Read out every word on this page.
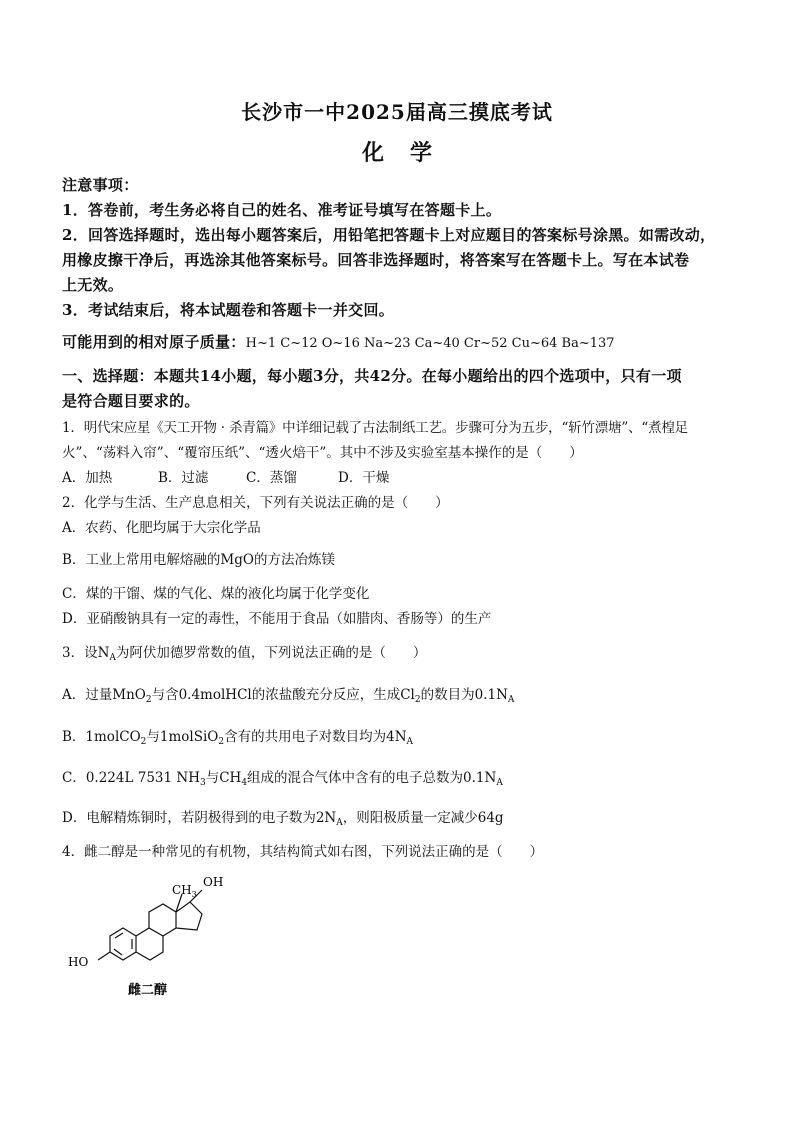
长沙市一中2025届高三摸底考试
化学
注意事项：
1．答卷前，考生务必将自己的姓名、准考证号填写在答题卡上。
2．回答选择题时，选出每小题答案后，用铅笔把答题卡上对应题目的答案标号涂黑。如需改动，
用橡皮擦干净后，再选涂其他答案标号。回答非选择题时，将答案写在答题卡上。写在本试卷
上无效。
3．考试结束后，将本试题卷和答题卡一并交回。
可能用到的相对原子质量：H~1 C~12 O~16 Na~23 Ca~40 Cr~52 Cu~64 Ba~137
一、选择题：本题共14小题，每小题3分，共42分。在每小题给出的四个选项中，只有一项
是符合题目要求的。
1．明代宋应星《天工开物 · 杀青篇》中详细记载了古法制纸工艺。步骤可分为五步，“斩竹漂塘”、“煮楻足
火”、“荡料入帘”、“覆帘压纸”、“透火焙干”。其中不涉及实验室基本操作的是（　　）
A．加热	B．过滤	C．蒸馏	D．干燥
2．化学与生活、生产息息相关，下列有关说法正确的是（　　）
A．农药、化肥均属于大宗化学品
B．工业上常用电解熔融的MgO的方法冶炼镁
C．煤的干馏、煤的气化、煤的液化均属于化学变化
D．亚硝酸钠具有一定的毒性，不能用于食品（如腊肉、香肠等）的生产
3．设$N_A$为阿伏加德罗常数的值，下列说法正确的是（　　）
A．过量MnO$_2$与含0.4molHCl的浓盐酸充分反应，生成$Cl_2$的数目为$0.1N_A$
B．1molCO$_2$与1molSiO$_2$含有的共用电子对数目均为$4N_A$
C．0.224L 7531 $NH_3$与$CH_4$组成的混合气体中含有的电子总数为$0.1N_A$
D．电解精炼铜时，若阴极得到的电子数为$2N_A$，则阳极质量一定减少64g
4．雌二醇是一种常见的有机物，其结构简式如右图，下列说法正确的是（　　）
$CH_3$
OH
HO
雌二醇
